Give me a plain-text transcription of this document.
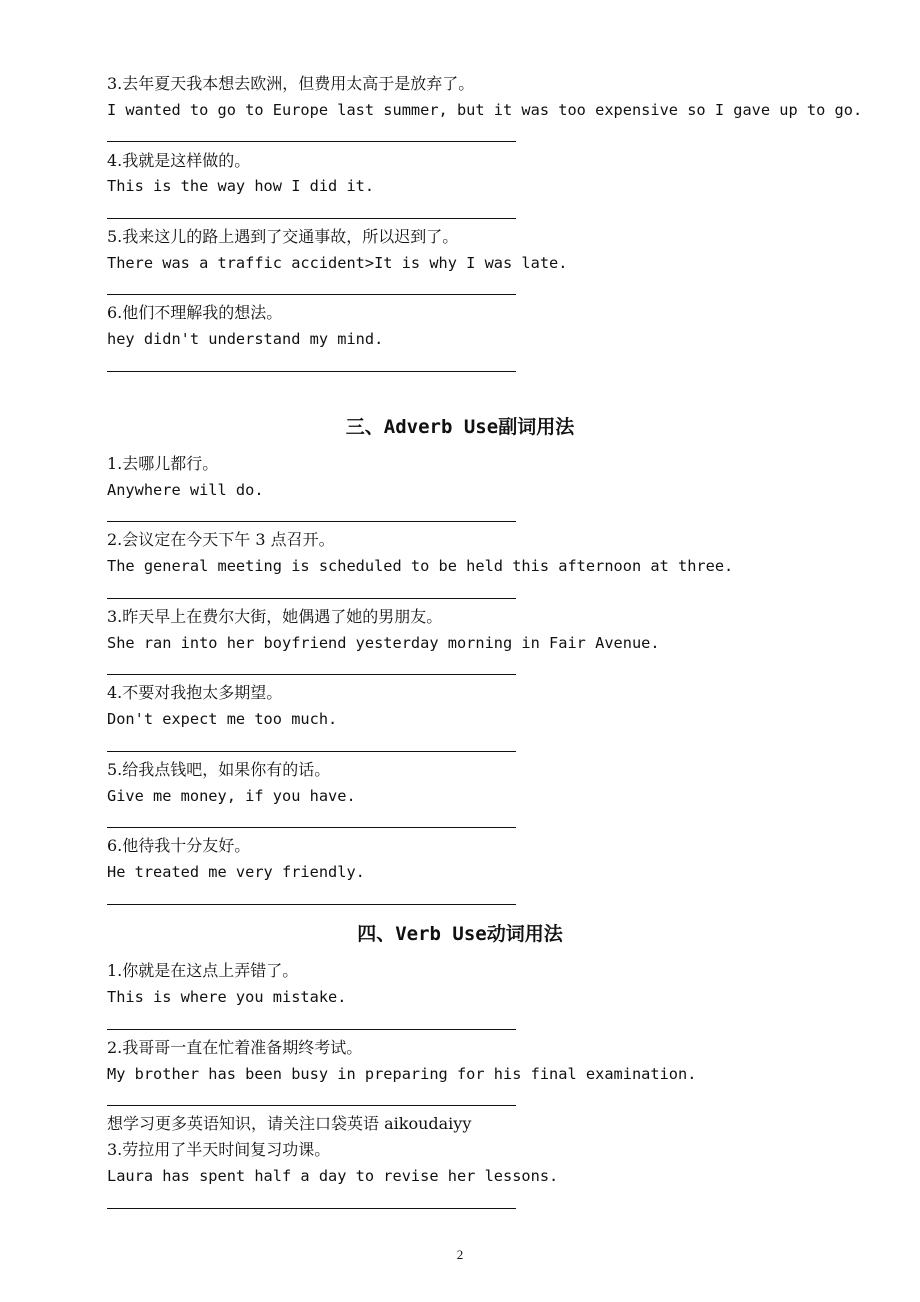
3.去年夏天我本想去欧洲，但费用太高于是放弃了。
I wanted to go to Europe last summer, but it was too expensive so I gave up to go.
4.我就是这样做的。
This is the way how I did it.
5.我来这儿的路上遇到了交通事故，所以迟到了。
There was a traffic accident>It is why I was late.
6.他们不理解我的想法。
hey didn't understand my mind.
三、Adverb Use副词用法
1.去哪儿都行。
Anywhere will do.
2.会议定在今天下午 3 点召开。
The general meeting is scheduled to be held this afternoon at three.
3.昨天早上在费尔大街，她偶遇了她的男朋友。
She ran into her boyfriend yesterday morning in Fair Avenue.
4.不要对我抱太多期望。
Don't expect me too much.
5.给我点钱吧，如果你有的话。
Give me money, if you have.
6.他待我十分友好。
He treated me very friendly.
四、Verb Use动词用法
1.你就是在这点上弄错了。
This is where you mistake.
2.我哥哥一直在忙着准备期终考试。
My brother has been busy in preparing for his final examination.
想学习更多英语知识，请关注口袋英语 aikoudaiyy
3.劳拉用了半天时间复习功课。
Laura has spent half a day to revise her lessons.
2
